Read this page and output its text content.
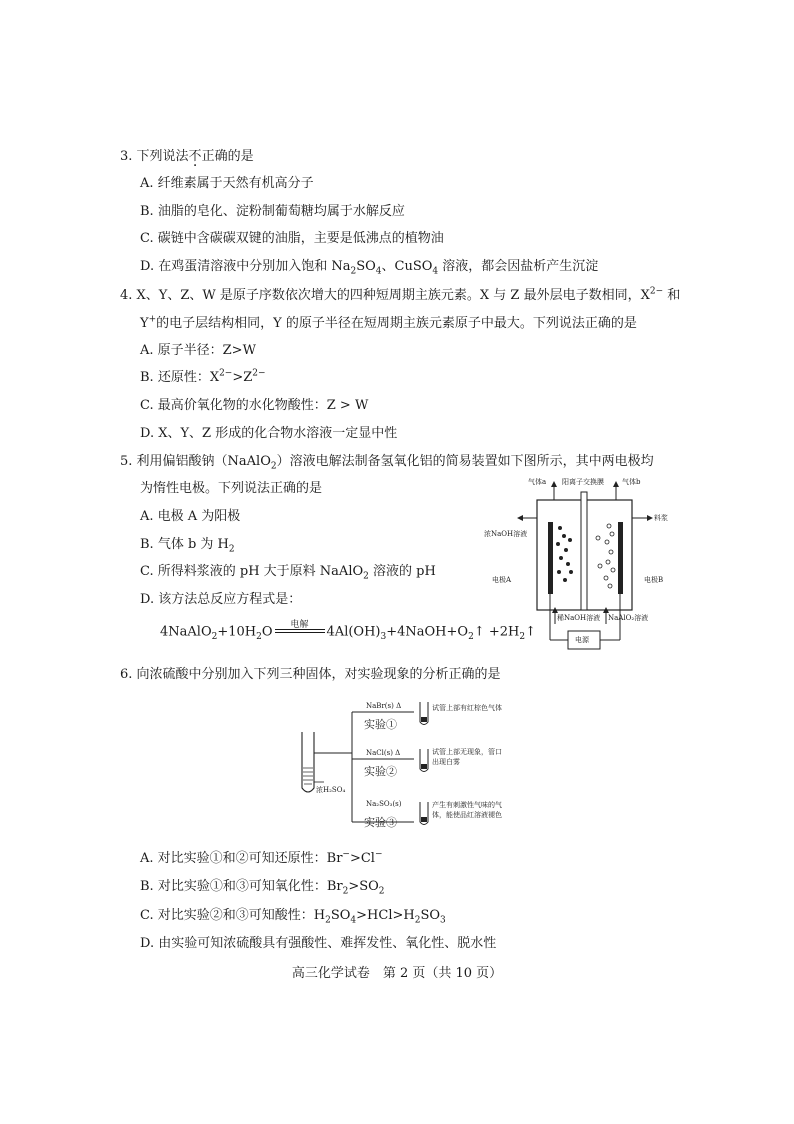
3. 下列说法不正确的是
A. 纤维素属于天然有机高分子
B. 油脂的皂化、淀粉制葡萄糖均属于水解反应
C. 碳链中含碳碳双键的油脂，主要是低沸点的植物油
D. 在鸡蛋清溶液中分别加入饱和 $Na_2SO_4$、CuSO$_4$ 溶液，都会因盐析产生沉淀
4. X、Y、Z、W 是原子序数依次增大的四种短周期主族元素。X 与 Z 最外层电子数相同，$X^{2-}$ 和
Y+的电子层结构相同，Y 的原子半径在短周期主族元素原子中最大。下列说法正确的是
A. 原子半径：Z>W
B. 还原性：$X^{2-}>Z^{2-}$
C. 最高价氧化物的水化物酸性：Z > W
D. X、Y、Z 形成的化合物水溶液一定显中性
5. 利用偏铝酸钠（NaAlO$_2$）溶液电解法制备氢氧化铝的简易装置如下图所示，其中两电极均
为惰性电极。下列说法正确的是
A. 电极 A 为阳极
B. 气体 b 为 $H_2$
C. 所得料浆液的 pH 大于原料 NaAlO$_2$ 溶液的 pH
D. 该方法总反应方程式是：
$4NaAlO_2+10H_2O$	电解	$4Al(OH)_3+4NaOH+O_2↑$ $+2H_2↑$
气体a 阳离子交换膜	气体b
浓NaOH溶液
料浆
电极A	电极B
稀NaOH溶液 NaAlO₂溶液
电源
6. 向浓硫酸中分别加入下列三种固体，对实验现象的分析正确的是
浓H₂SO₄
NaBr(s) Δ
实验①
试管上部有红棕色气体
NaCl(s) Δ
实验②
试管上部无现象，管口
出现白雾
Na₂SO₃(s)
实验③
产生有刺激性气味的气
体，能使品红溶液褪色
A. 对比实验①和②可知还原性：Br−>Cl−
B. 对比实验①和③可知氧化性：$Br_2>SO_2$
C. 对比实验②和③可知酸性：$H_2SO_4>HCl>H_2SO_3$
D. 由实验可知浓硫酸具有强酸性、难挥发性、氧化性、脱水性
高三化学试卷　第 2 页（共 10 页）
